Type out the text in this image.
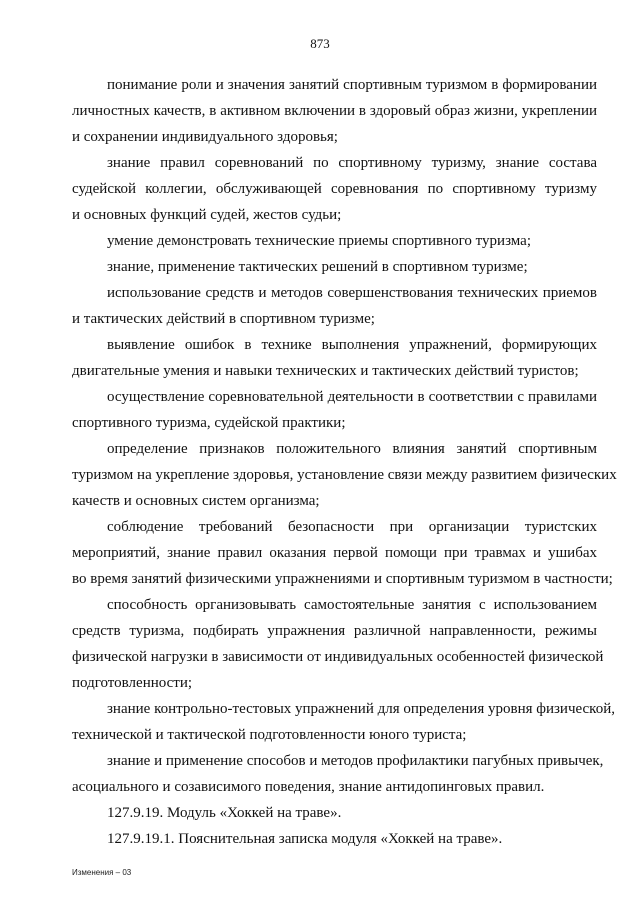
873
понимание роли и значения занятий спортивным туризмом в формировании
личностных качеств, в активном включении в здоровый образ жизни, укреплении
и сохранении индивидуального здоровья;
знание правил соревнований по спортивному туризму, знание состава
судейской коллегии, обслуживающей соревнования по спортивному туризму
и основных функций судей, жестов судьи;
умение демонстровать технические приемы спортивного туризма;
знание, применение тактических решений в спортивном туризме;
использование средств и методов совершенствования технических приемов
и тактических действий в спортивном туризме;
выявление ошибок в технике выполнения упражнений, формирующих
двигательные умения и навыки технических и тактических действий туристов;
осуществление соревновательной деятельности в соответствии с правилами
спортивного туризма, судейской практики;
определение признаков положительного влияния занятий спортивным
туризмом на укрепление здоровья, установление связи между развитием физических
качеств и основных систем организма;
соблюдение требований безопасности при организации туристских
мероприятий, знание правил оказания первой помощи при травмах и ушибах
во время занятий физическими упражнениями и спортивным туризмом в частности;
способность организовывать самостоятельные занятия с использованием
средств туризма, подбирать упражнения различной направленности, режимы
физической нагрузки в зависимости от индивидуальных особенностей физической
подготовленности;
знание контрольно-тестовых упражнений для определения уровня физической,
технической и тактической подготовленности юного туриста;
знание и применение способов и методов профилактики пагубных привычек,
асоциального и созависимого поведения, знание антидопинговых правил.
127.9.19. Модуль «Хоккей на траве».
127.9.19.1. Пояснительная записка модуля «Хоккей на траве».
Изменения – 03
